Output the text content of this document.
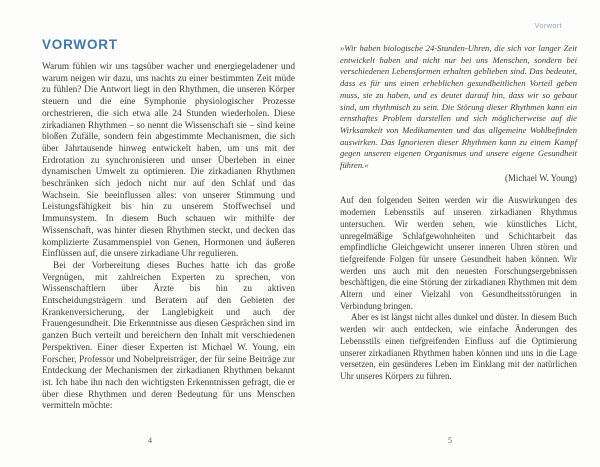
VORWORT

Warum fühlen wir uns tagsüber wacher und energiegeladener und warum neigen wir dazu, uns nachts zu einer bestimmten Zeit müde zu fühlen? Die Antwort liegt in den Rhythmen, die unseren Körper steuern und die eine Symphonie physiologischer Prozesse orchestrieren, die sich etwa alle 24 Stunden wiederholen. Diese zirkadianen Rhythmen – so nennt die Wissenschaft sie – sind keine bloßen Zufälle, sondern fein abgestimmte Mechanismen, die sich über Jahrtausende hinweg entwickelt haben, um uns mit der Erdrotation zu synchronisieren und unser Überleben in einer dynamischen Umwelt zu optimieren. Die zirkadianen Rhythmen beschränken sich jedoch nicht nur auf den Schlaf und das Wachsein. Sie beeinflussen alles: von unserer Stimmung und Leistungsfähigkeit bis hin zu unserem Stoffwechsel und Immunsystem. In diesem Buch schauen wir mithilfe der Wissenschaft, was hinter diesen Rhythmen steckt, und decken das komplizierte Zusammenspiel von Genen, Hormonen und äußeren Einflüssen auf, die unsere zirkadiane Uhr regulieren.

Bei der Vorbereitung dieses Buches hatte ich das große Vergnügen, mit zahlreichen Experten zu sprechen, von Wissenschaftlern über Ärzte bis hin zu aktiven Entscheidungsträgern und Beratern auf den Gebieten der Krankenversicherung, der Langlebigkeit und auch der Frauengesundheit. Die Erkenntnisse aus diesen Gesprächen sind im ganzen Buch verteilt und bereichern den Inhalt mit verschiedenen Perspektiven. Einer dieser Experten ist Michael W. Young, ein Forscher, Professor und Nobelpreisträger, der für seine Beiträge zur Entdeckung der Mechanismen der zirkadianen Rhythmen bekannt ist. Ich habe ihn nach den wichtigsten Erkenntnissen gefragt, die er über diese Rhythmen und deren Bedeutung für uns Menschen vermitteln möchte:

4
Vorwort

»Wir haben biologische 24-Stunden-Uhren, die sich vor langer Zeit entwickelt haben und nicht nur bei uns Menschen, sondern bei verschiedenen Lebensformen erhalten geblieben sind. Das bedeutet, dass es für uns einen erheblichen gesundheitlichen Vorteil geben muss, sie zu haben, und es deutet darauf hin, dass wir so gebaut sind, um rhythmisch zu sein. Die Störung dieser Rhythmen kann ein ernsthaftes Problem darstellen und sich möglicherweise auf die Wirksamkeit von Medikamenten und das allgemeine Wohlbefinden auswirken. Das Ignorieren dieser Rhythmen kann zu einem Kampf gegen unseren eigenen Organismus und unsere eigene Gesundheit führen.«

(Michael W. Young)

Auf den folgenden Seiten werden wir die Auswirkungen des modernen Lebensstils auf unseren zirkadianen Rhythmus untersuchen. Wir werden sehen, wie künstliches Licht, unregelmäßige Schlafgewohnheiten und Schichtarbeit das empfindliche Gleichgewicht unserer inneren Uhren stören und tiefgreifende Folgen für unsere Gesundheit haben können. Wir werden uns auch mit den neuesten Forschungsergebnissen beschäftigen, die eine Störung der zirkadianen Rhythmen mit dem Altern und einer Vielzahl von Gesundheitsstörungen in Verbindung bringen.

Aber es ist längst nicht alles dunkel und düster. In diesem Buch werden wir auch entdecken, wie einfache Änderungen des Lebensstils einen tiefgreifenden Einfluss auf die Optimierung unserer zirkadianen Rhythmen haben können und uns in die Lage versetzen, ein gesünderes Leben im Einklang mit der natürlichen Uhr unseres Körpers zu führen.

5
